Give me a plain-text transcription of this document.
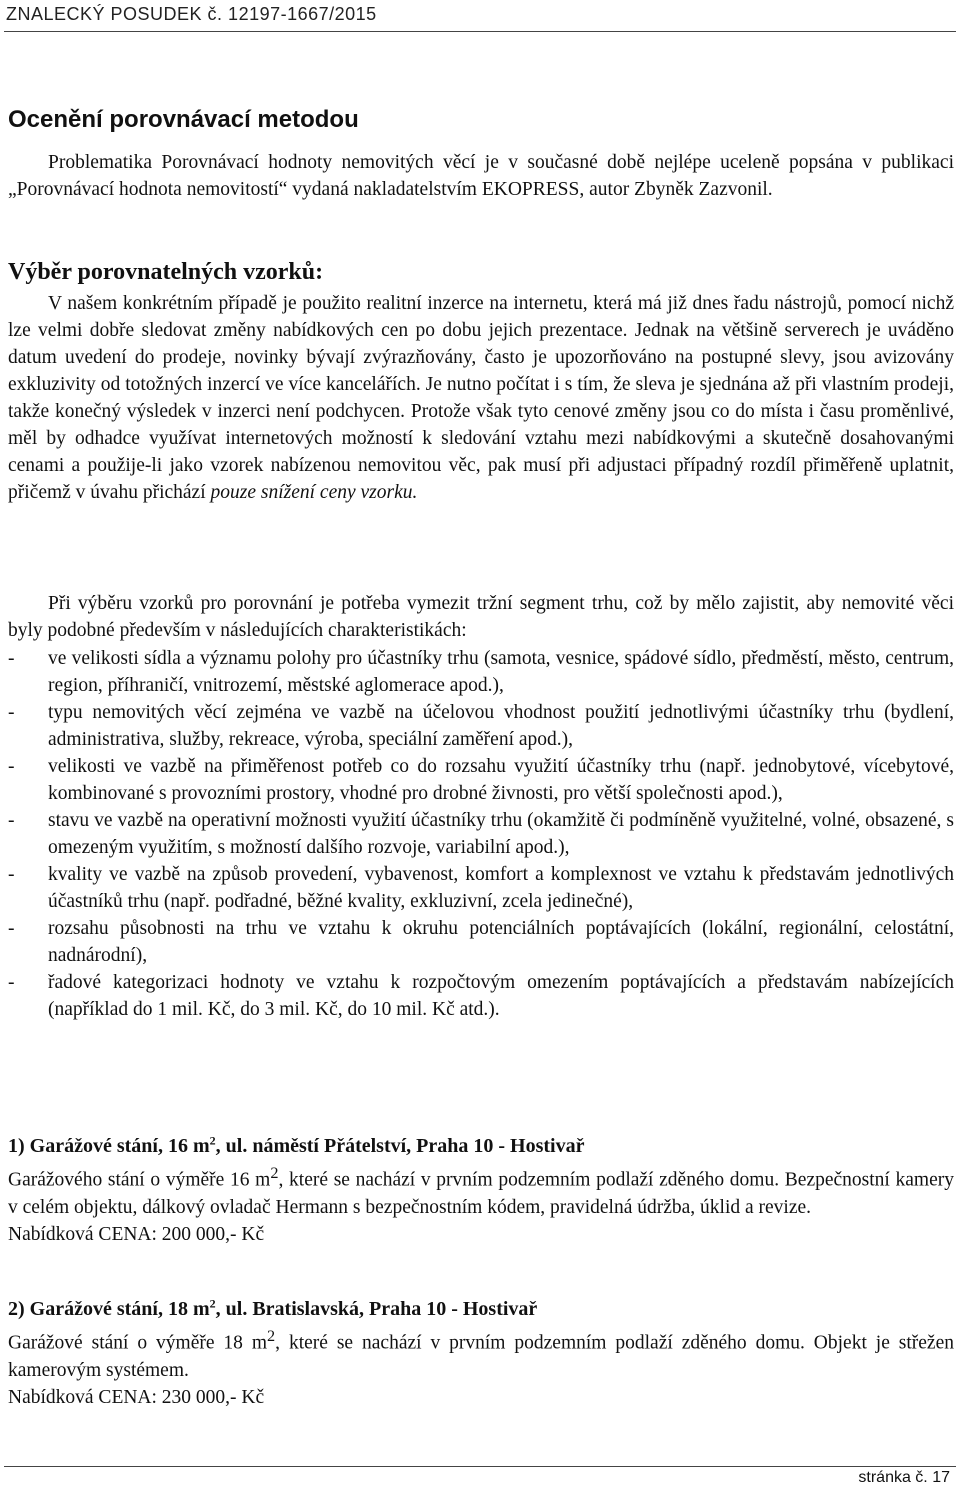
ZNALECKÝ POSUDEK č. 12197-1667/2015
Ocenění porovnávací metodou
Problematika Porovnávací hodnoty nemovitých věcí je v současné době nejlépe uceleně popsána v publikaci „Porovnávací hodnota nemovitostí“ vydaná nakladatelstvím EKOPRESS, autor Zbyněk Zazvonil.
Výběr porovnatelných vzorků:

V našem konkrétním případě je použito realitní inzerce na internetu, která má již dnes řadu nástrojů, pomocí nichž lze velmi dobře sledovat změny nabídkových cen po dobu jejich prezentace. Jednak na většině serverech je uváděno datum uvedení do prodeje, novinky bývají zvýrazňovány, často je upozorňováno na postupné slevy, jsou avizovány exkluzivity od totožných inzercí ve více kancelářích. Je nutno počítat i s tím, že sleva je sjednána až při vlastním prodeji, takže konečný výsledek v inzerci není podchycen. Protože však tyto cenové změny jsou co do místa i času proměnlivé, měl by odhadce využívat internetových možností k sledování vztahu mezi nabídkovými a skutečně dosahovanými cenami a použije-li jako vzorek nabízenou nemovitou věc, pak musí při adjustaci případný rozdíl přiměřeně uplatnit, přičemž v úvahu přichází pouze snížení ceny vzorku.

Při výběru vzorků pro porovnání je potřeba vymezit tržní segment trhu, což by mělo zajistit, aby nemovité věci byly podobné především v následujících charakteristikách:

- ve velikosti sídla a významu polohy pro účastníky trhu (samota, vesnice, spádové sídlo, předměstí, město, centrum, region, příhraničí, vnitrozemí, městské aglomerace apod.),

- typu nemovitých věcí zejména ve vazbě na účelovou vhodnost použití jednotlivými účastníky trhu (bydlení, administrativa, služby, rekreace, výroba, speciální zaměření apod.),

- velikosti ve vazbě na přiměřenost potřeb co do rozsahu využití účastníky trhu (např. jednobytové, vícebytové, kombinované s provozními prostory, vhodné pro drobné živnosti, pro větší společnosti apod.),

- stavu ve vazbě na operativní možnosti využití účastníky trhu (okamžitě či podmíněně využitelné, volné, obsazené, s omezeným využitím, s možností dalšího rozvoje, variabilní apod.),

- kvality ve vazbě na způsob provedení, vybavenost, komfort a komplexnost ve vztahu k představám jednotlivých účastníků trhu (např. podřadné, běžné kvality, exkluzivní, zcela jedinečné),

- rozsahu působnosti na trhu ve vztahu k okruhu potenciálních poptávajících (lokální, regionální, celostátní, nadnárodní),

- řadové kategorizaci hodnoty ve vztahu k rozpočtovým omezením poptávajících a představám nabízejících (například do 1 mil. Kč, do 3 mil. Kč, do 10 mil. Kč atd.).

1) Garážové stání, 16 $m^2$, ul. náměstí Přátelství, Praha 10 - Hostivař

Garážového stání o výměře 16 $m^2$, které se nachází v prvním podzemním podlaží zděného domu. Bezpečnostní kamery v celém objektu, dálkový ovladač Hermann s bezpečnostním kódem, pravidelná údržba, úklid a revize.

Nabídková CENA: 200 000,- Kč

2) Garážové stání, 18 $m^2$, ul. Bratislavská, Praha 10 - Hostivař

Garážové stání o výměře 18 $m^2$, které se nachází v prvním podzemním podlaží zděného domu. Objekt je střežen kamerovým systémem.

Nabídková CENA: 230 000,- Kč

stránka č. 17
